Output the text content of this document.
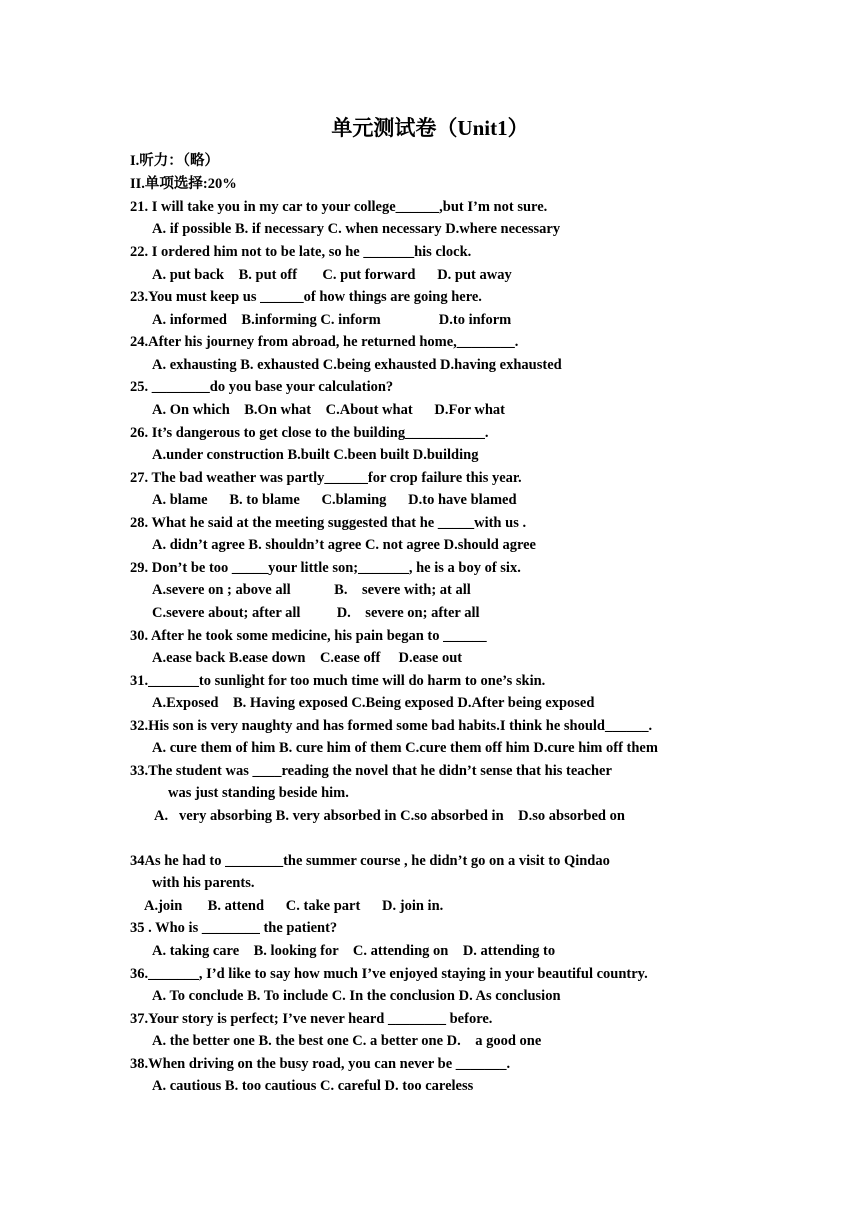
单元测试卷（Unit1）
I.听力：（略）
II.单项选择:20%
21. I will take you in my car to your college______,but I’m not sure.
A. if possible B. if necessary C. when necessary D.where necessary
22. I ordered him not to be late, so he _______his clock.
A. put back    B. put off       C. put forward      D. put away
23.You must keep us ______of how things are going here.
A. informed    B.informing C. inform                D.to inform
24.After his journey from abroad, he returned home,________.
A. exhausting B. exhausted C.being exhausted D.having exhausted
25. ________do you base your calculation?
A. On which    B.On what    C.About what      D.For what
26. It’s dangerous to get close to the building___________.
A.under construction B.built C.been built D.building
27. The bad weather was partly______for crop failure this year.
A. blame      B. to blame      C.blaming      D.to have blamed
28. What he said at the meeting suggested that he _____with us .
A. didn’t agree B. shouldn’t agree C. not agree D.should agree
29. Don’t be too _____your little son;_______, he is a boy of six.
A.severe on ; above all            B.    severe with; at all
C.severe about; after all          D.    severe on; after all
30. After he took some medicine, his pain began to ______
A.ease back B.ease down    C.ease off     D.ease out
31._______to sunlight for too much time will do harm to one’s skin.
A.Exposed    B. Having exposed C.Being exposed D.After being exposed
32.His son is very naughty and has formed some bad habits.I think he should______.
A. cure them of him B. cure him of them C.cure them off him D.cure him off them
33.The student was ____reading the novel that he didn’t sense that his teacher
was just standing beside him.
A.   very absorbing B. very absorbed in C.so absorbed in    D.so absorbed on
34As he had to ________the summer course , he didn’t go on a visit to Qindao
with his parents.
A.join       B. attend      C. take part      D. join in.
35 . Who is ________ the patient?
A. taking care    B. looking for    C. attending on    D. attending to
36._______, I’d like to say how much I’ve enjoyed staying in your beautiful country.
A. To conclude B. To include C. In the conclusion D. As conclusion
37.Your story is perfect; I’ve never heard ________ before.
A. the better one B. the best one C. a better one D.    a good one
38.When driving on the busy road, you can never be _______.
A. cautious B. too cautious C. careful D. too careless
